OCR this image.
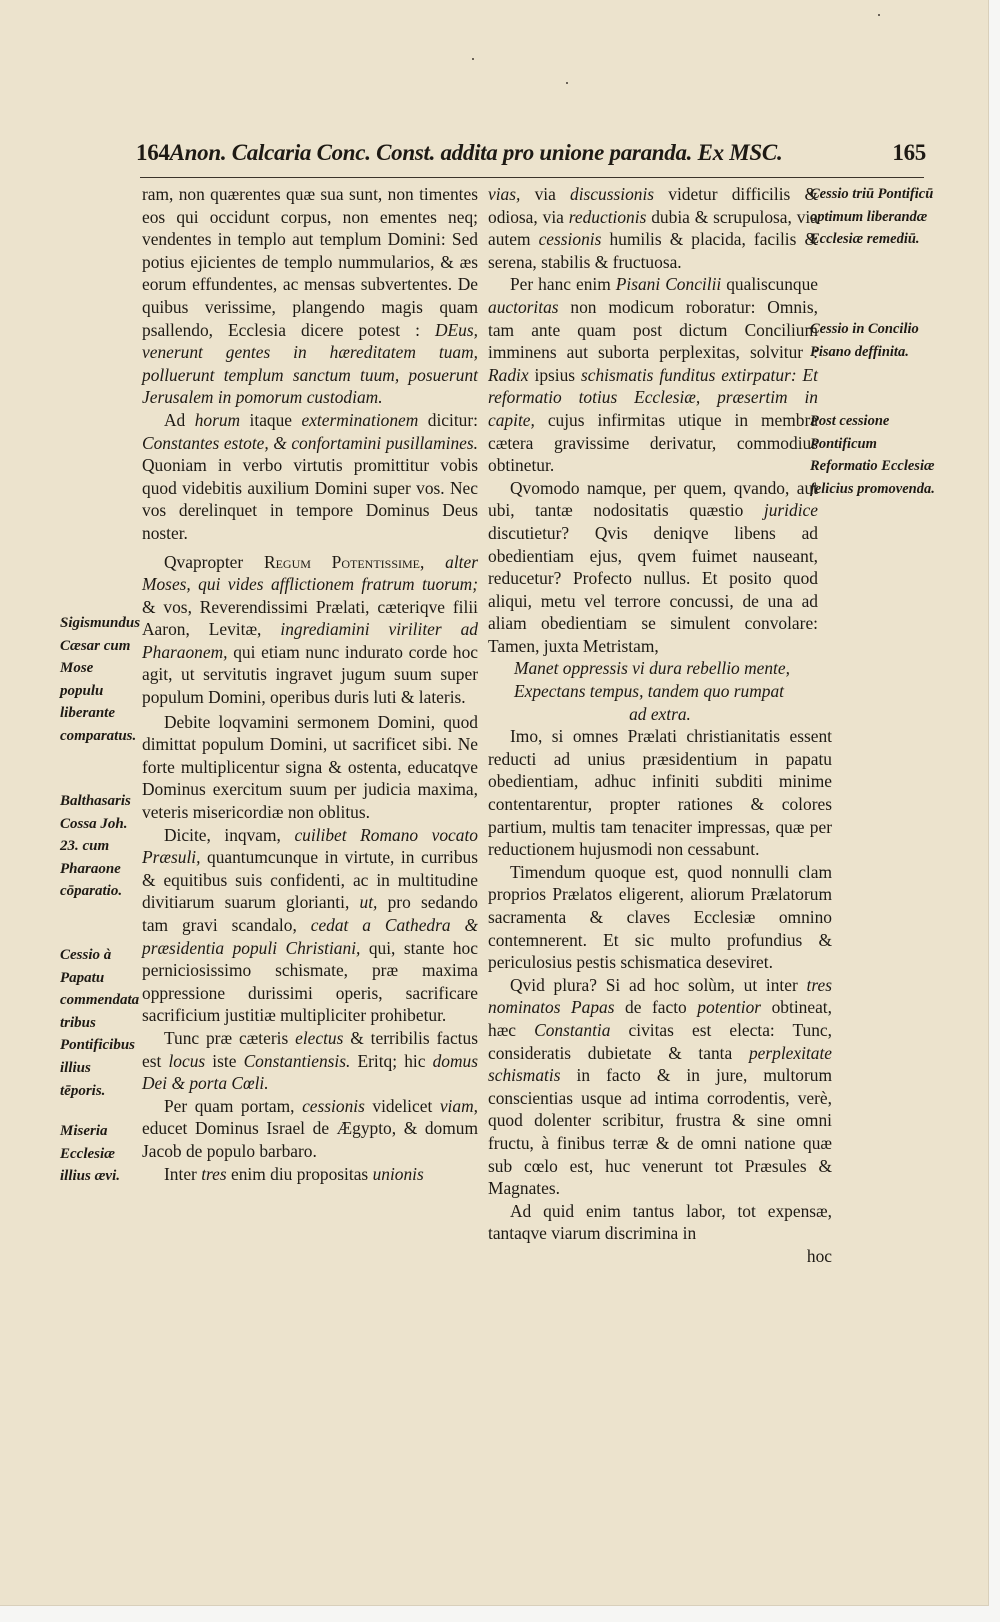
164Anon. Calcaria Conc. Const. addita pro unione paranda. Ex MSC.	165

ram, non quærentes quæ sua sunt, non timentes eos qui occidunt corpus, non ementes neq; vendentes in templo aut templum Domini: Sed potius ejicientes de templo nummularios, & æs eorum effundentes, ac mensas subvertentes. De quibus verissime, plangendo magis quam psallendo, Ecclesia dicere potest : DEus, venerunt gentes in hæreditatem tuam, polluerunt templum sanctum tuum, posuerunt Jerusalem in pomorum custodiam.

Ad horum itaque exterminationem dicitur: Constantes estote, & confortamini pusillamines. Quoniam in verbo virtutis promittitur vobis quod videbitis auxilium Domini super vos. Nec vos derelinquet in tempore Dominus Deus noster.

Qvapropter Regum Potentissime, alter Moses, qui vides afflictionem fratrum tuorum; & vos, Reverendissimi Prælati, cæteriqve filii Aaron, Levitæ, ingrediamini viriliter ad Pharaonem, qui etiam nunc indurato corde hoc agit, ut servitutis ingravet jugum suum super populum Domini, operibus duris luti & lateris.

Debite loqvamini sermonem Domini, quod dimittat populum Domini, ut sacrificet sibi. Ne forte multiplicentur signa & ostenta, educatqve Dominus exercitum suum per judicia maxima, veteris misericordiæ non oblitus.

Dicite, inqvam, cuilibet Romano vocato Præsuli, quantumcunque in virtute, in curribus & equitibus suis confidenti, ac in multitudine divitiarum suarum glorianti, ut, pro sedando tam gravi scandalo, cedat a Cathedra & præsidentia populi Christiani, qui, stante hoc perniciosissimo schismate, præ maxima oppressione durissimi operis, sacrificare sacrificium justitiæ multipliciter prohibetur.

Tunc præ cæteris electus & terribilis factus est locus iste Constantiensis. Eritq; hic domus Dei & porta Cœli.

Per quam portam, cessionis videlicet viam, educet Dominus Israel de Ægypto, & domum Jacob de populo barbaro.

Inter tres enim diu propositas unionis

vias, via discussionis videtur difficilis & odiosa, via reductionis dubia & scrupulosa, via autem cessionis humilis & placida, facilis & serena, stabilis & fructuosa.

Per hanc enim Pisani Concilii qualiscunque auctoritas non modicum roboratur: Omnis, tam ante quam post dictum Concilium imminens aut suborta perplexitas, solvitur : Radix ipsius schismatis funditus extirpatur: Et reformatio totius Ecclesiæ, præsertim in capite, cujus infirmitas utique in membra cætera gravissime derivatur, commodius obtinetur.

Qvomodo namque, per quem, qvando, aut ubi, tantæ nodositatis quæstio juridice discutietur? Qvis deniqve libens ad obedientiam ejus, qvem fuimet nauseant, reducetur? Profecto nullus. Et posito quod aliqui, metu vel terrore concussi, de una ad aliam obedientiam se simulent convolare: Tamen, juxta Metristam,

Manet oppressis vi dura rebellio mente,

Expectans tempus, tandem quo rumpat

ad extra.

Imo, si omnes Prælati christianitatis essent reducti ad unius præsidentium in papatu obedientiam, adhuc infiniti subditi minime contentarentur, propter rationes & colores partium, multis tam tenaciter impressas, quæ per reductionem hujusmodi non cessabunt.

Timendum quoque est, quod nonnulli clam proprios Prælatos eligerent, aliorum Prælatorum sacramenta & claves Ecclesiæ omnino contemnerent. Et sic multo profundius & periculosius pestis schismatica deseviret.

Qvid plura? Si ad hoc solùm, ut inter tres nominatos Papas de facto potentior obtineat, hæc Constantia civitas est electa: Tunc, consideratis dubietate & tanta perplexitate schismatis in facto & in jure, multorum conscientias usque ad intima corrodentis, verè, quod dolenter scribitur, frustra & sine omni fructu, à finibus terræ & de omni natione quæ sub cœlo est, huc venerunt tot Præsules & Magnates.

Ad quid enim tantus labor, tot expensæ, tantaqve viarum discrimina in

hoc

Sigismundus Cæsar cum Mose populu liberante comparatus.
Balthasaris Cossa Joh. 23. cum Pharaone cōparatio.
Cessio à Papatu commendata tribus Pontificibus illius tēporis.
Miseria Ecclesiæ illius ævi.
Cessio triū Pontificū optimum liberandæ Ecclesiæ remediū.
Cessio in Concilio Pisano deffinita.
Post cessione Pontificum Reformatio Ecclesiæ felicius promovenda.
